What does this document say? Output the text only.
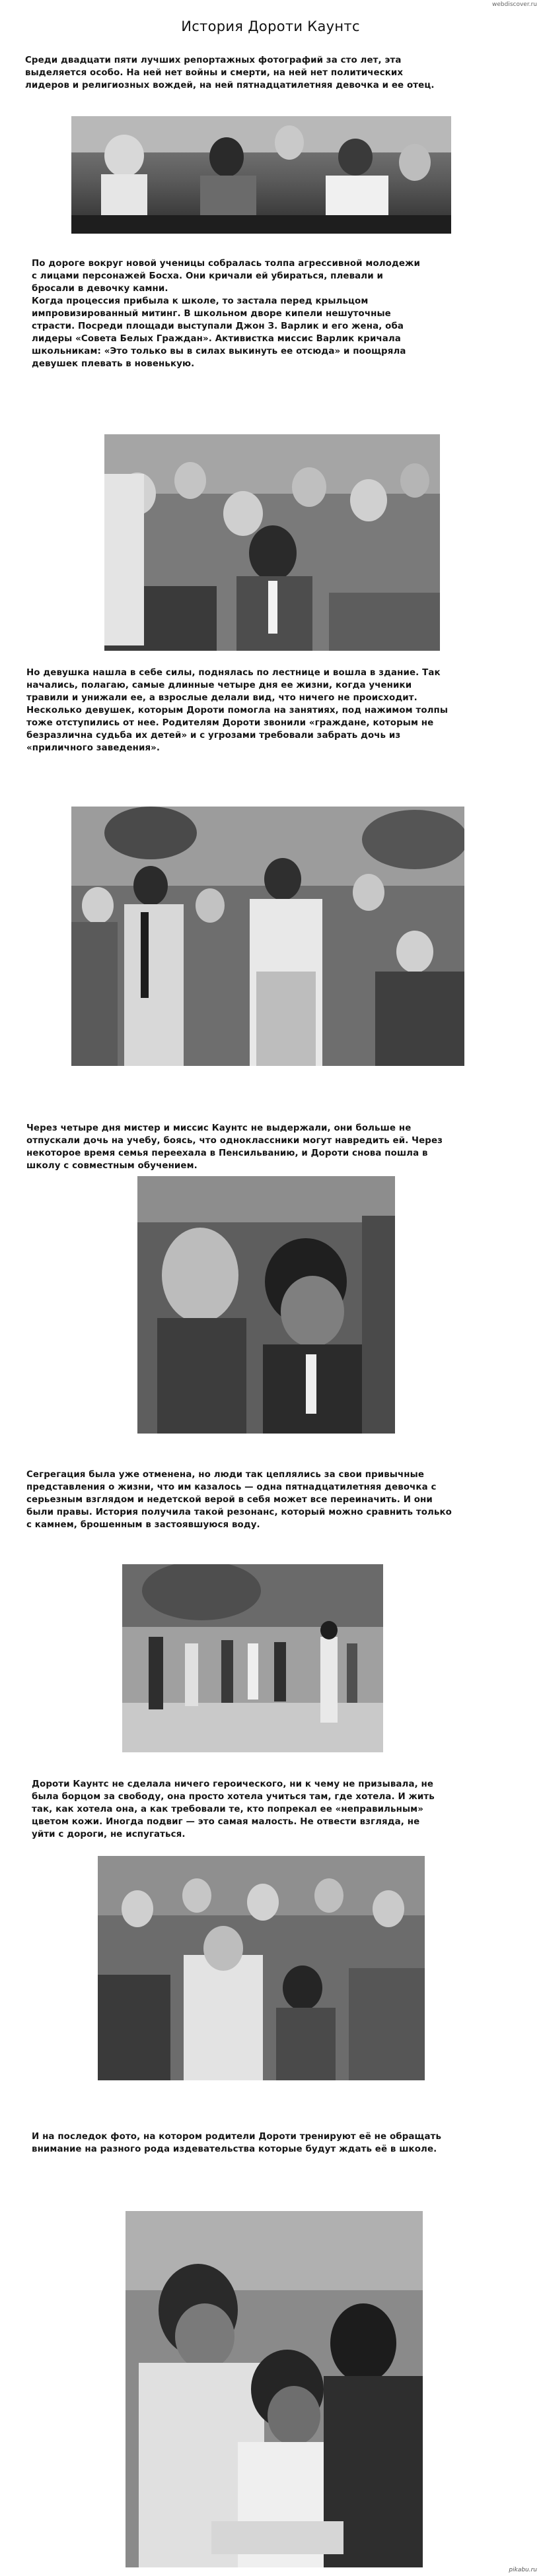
webdiscover.ru
История Дороти Каунтс
Среди двадцати пяти лучших репортажных фотографий за сто лет, эта
выделяется особо. На ней нет войны и смерти, на ней нет политических
лидеров и религиозных вождей, на ней пятнадцатилетняя девочка и ее отец.
По дороге вокруг новой ученицы собралась толпа агрессивной молодежи
с лицами персонажей Босха. Они кричали ей убираться, плевали и
бросали в девочку камни.
Когда процессия прибыла к школе, то застала перед крыльцом
импровизированный митинг. В школьном дворе кипели нешуточные
страсти. Посреди площади выступали Джон З. Варлик и его жена, оба
лидеры «Совета Белых Граждан». Активистка миссис Варлик кричала
школьникам: «Это только вы в силах выкинуть ее отсюда» и поощряла
девушек плевать в новенькую.
Но девушка нашла в себе силы, поднялась по лестнице и вошла в здание. Так
начались, полагаю, самые длинные четыре дня ее жизни, когда ученики
травили и унижали ее, а взрослые делали вид, что ничего не происходит.
Несколько девушек, которым Дороти помогла на занятиях, под нажимом толпы
тоже отступились от нее. Родителям Дороти звонили «граждане, которым не
безразлична судьба их детей» и с угрозами требовали забрать дочь из
«приличного заведения».
Через четыре дня мистер и миссис Каунтс не выдержали, они больше не
отпускали дочь на учебу, боясь, что одноклассники могут навредить ей. Через
некоторое время семья переехала в Пенсильванию, и Дороти снова пошла в
школу с совместным обучением.
Сегрегация была уже отменена, но люди так цеплялись за свои привычные
представления о жизни, что им казалось — одна пятнадцатилетняя девочка с
серьезным взглядом и недетской верой в себя может все переиначить. И они
были правы. История получила такой резонанс, который можно сравнить только
с камнем, брошенным в застоявшуюся воду.
Дороти Каунтс не сделала ничего героического, ни к чему не призывала, не
была борцом за свободу, она просто хотела учиться там, где хотела. И жить
так, как хотела она, а как требовали те, кто попрекал ее «неправильным»
цветом кожи. Иногда подвиг — это самая малость. Не отвести взгляда, не
уйти с дороги, не испугаться.
И на последок фото, на котором родители Дороти тренируют её не обращать
внимание на разного рода издевательства которые будут ждать её в школе.
pikabu.ru
